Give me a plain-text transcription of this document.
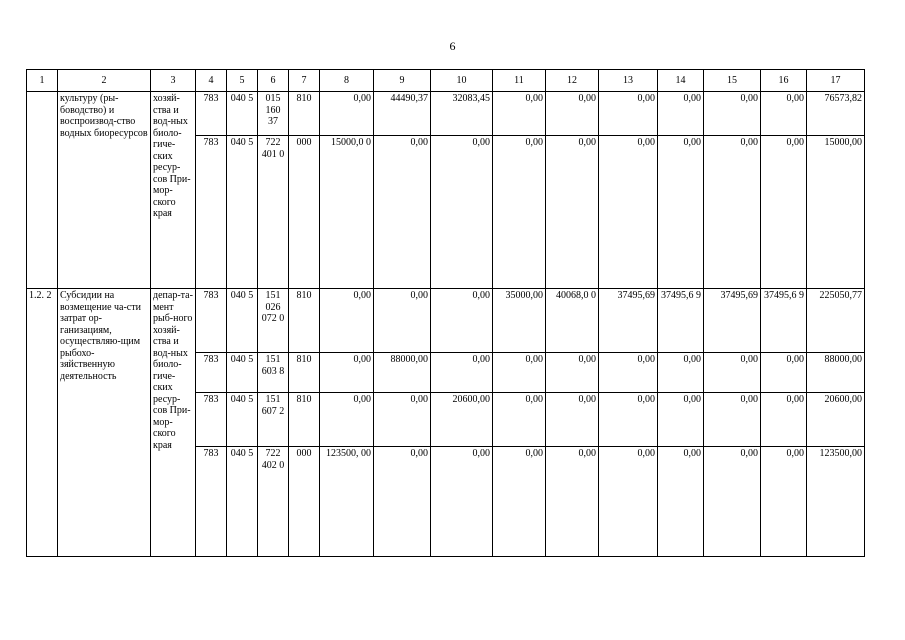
6
1	2	3	4	5	6	7	8	9	10	11	12	13	14	15	16	17
	культуру (ры-боводство) и воспроизвод-ство водных биоресурсов	хозяй-ства и вод-ных биоло-гиче-ских ресур-сов При-мор-ского края	783	040 5	015 160 37	810	0,00	44490,37	32083,45	0,00	0,00	0,00	0,00	0,00	0,00	76573,82
			783	040 5	722 401 0	000	15000,0 0	0,00	0,00	0,00	0,00	0,00	0,00	0,00	0,00	15000,00
1.2. 2	Субсидии на возмещение ча-сти затрат ор-ганизациям, осуществляю-щим рыбохо-зяйственную деятельность	депар-та-мент рыб-ного хозяй-ства и вод-ных биоло-гиче-ских ресур-сов При-мор-ского края	783	040 5	151 026 072 0	810	0,00	0,00	0,00	35000,00	40068,0 0	37495,69	37495,6 9	37495,69	37495,6 9	225050,77
			783	040 5	151 603 8	810	0,00	88000,00	0,00	0,00	0,00	0,00	0,00	0,00	0,00	88000,00
			783	040 5	151 607 2	810	0,00	0,00	20600,00	0,00	0,00	0,00	0,00	0,00	0,00	20600,00
			783	040 5	722 402 0	000	123500, 00	0,00	0,00	0,00	0,00	0,00	0,00	0,00	0,00	123500,00
